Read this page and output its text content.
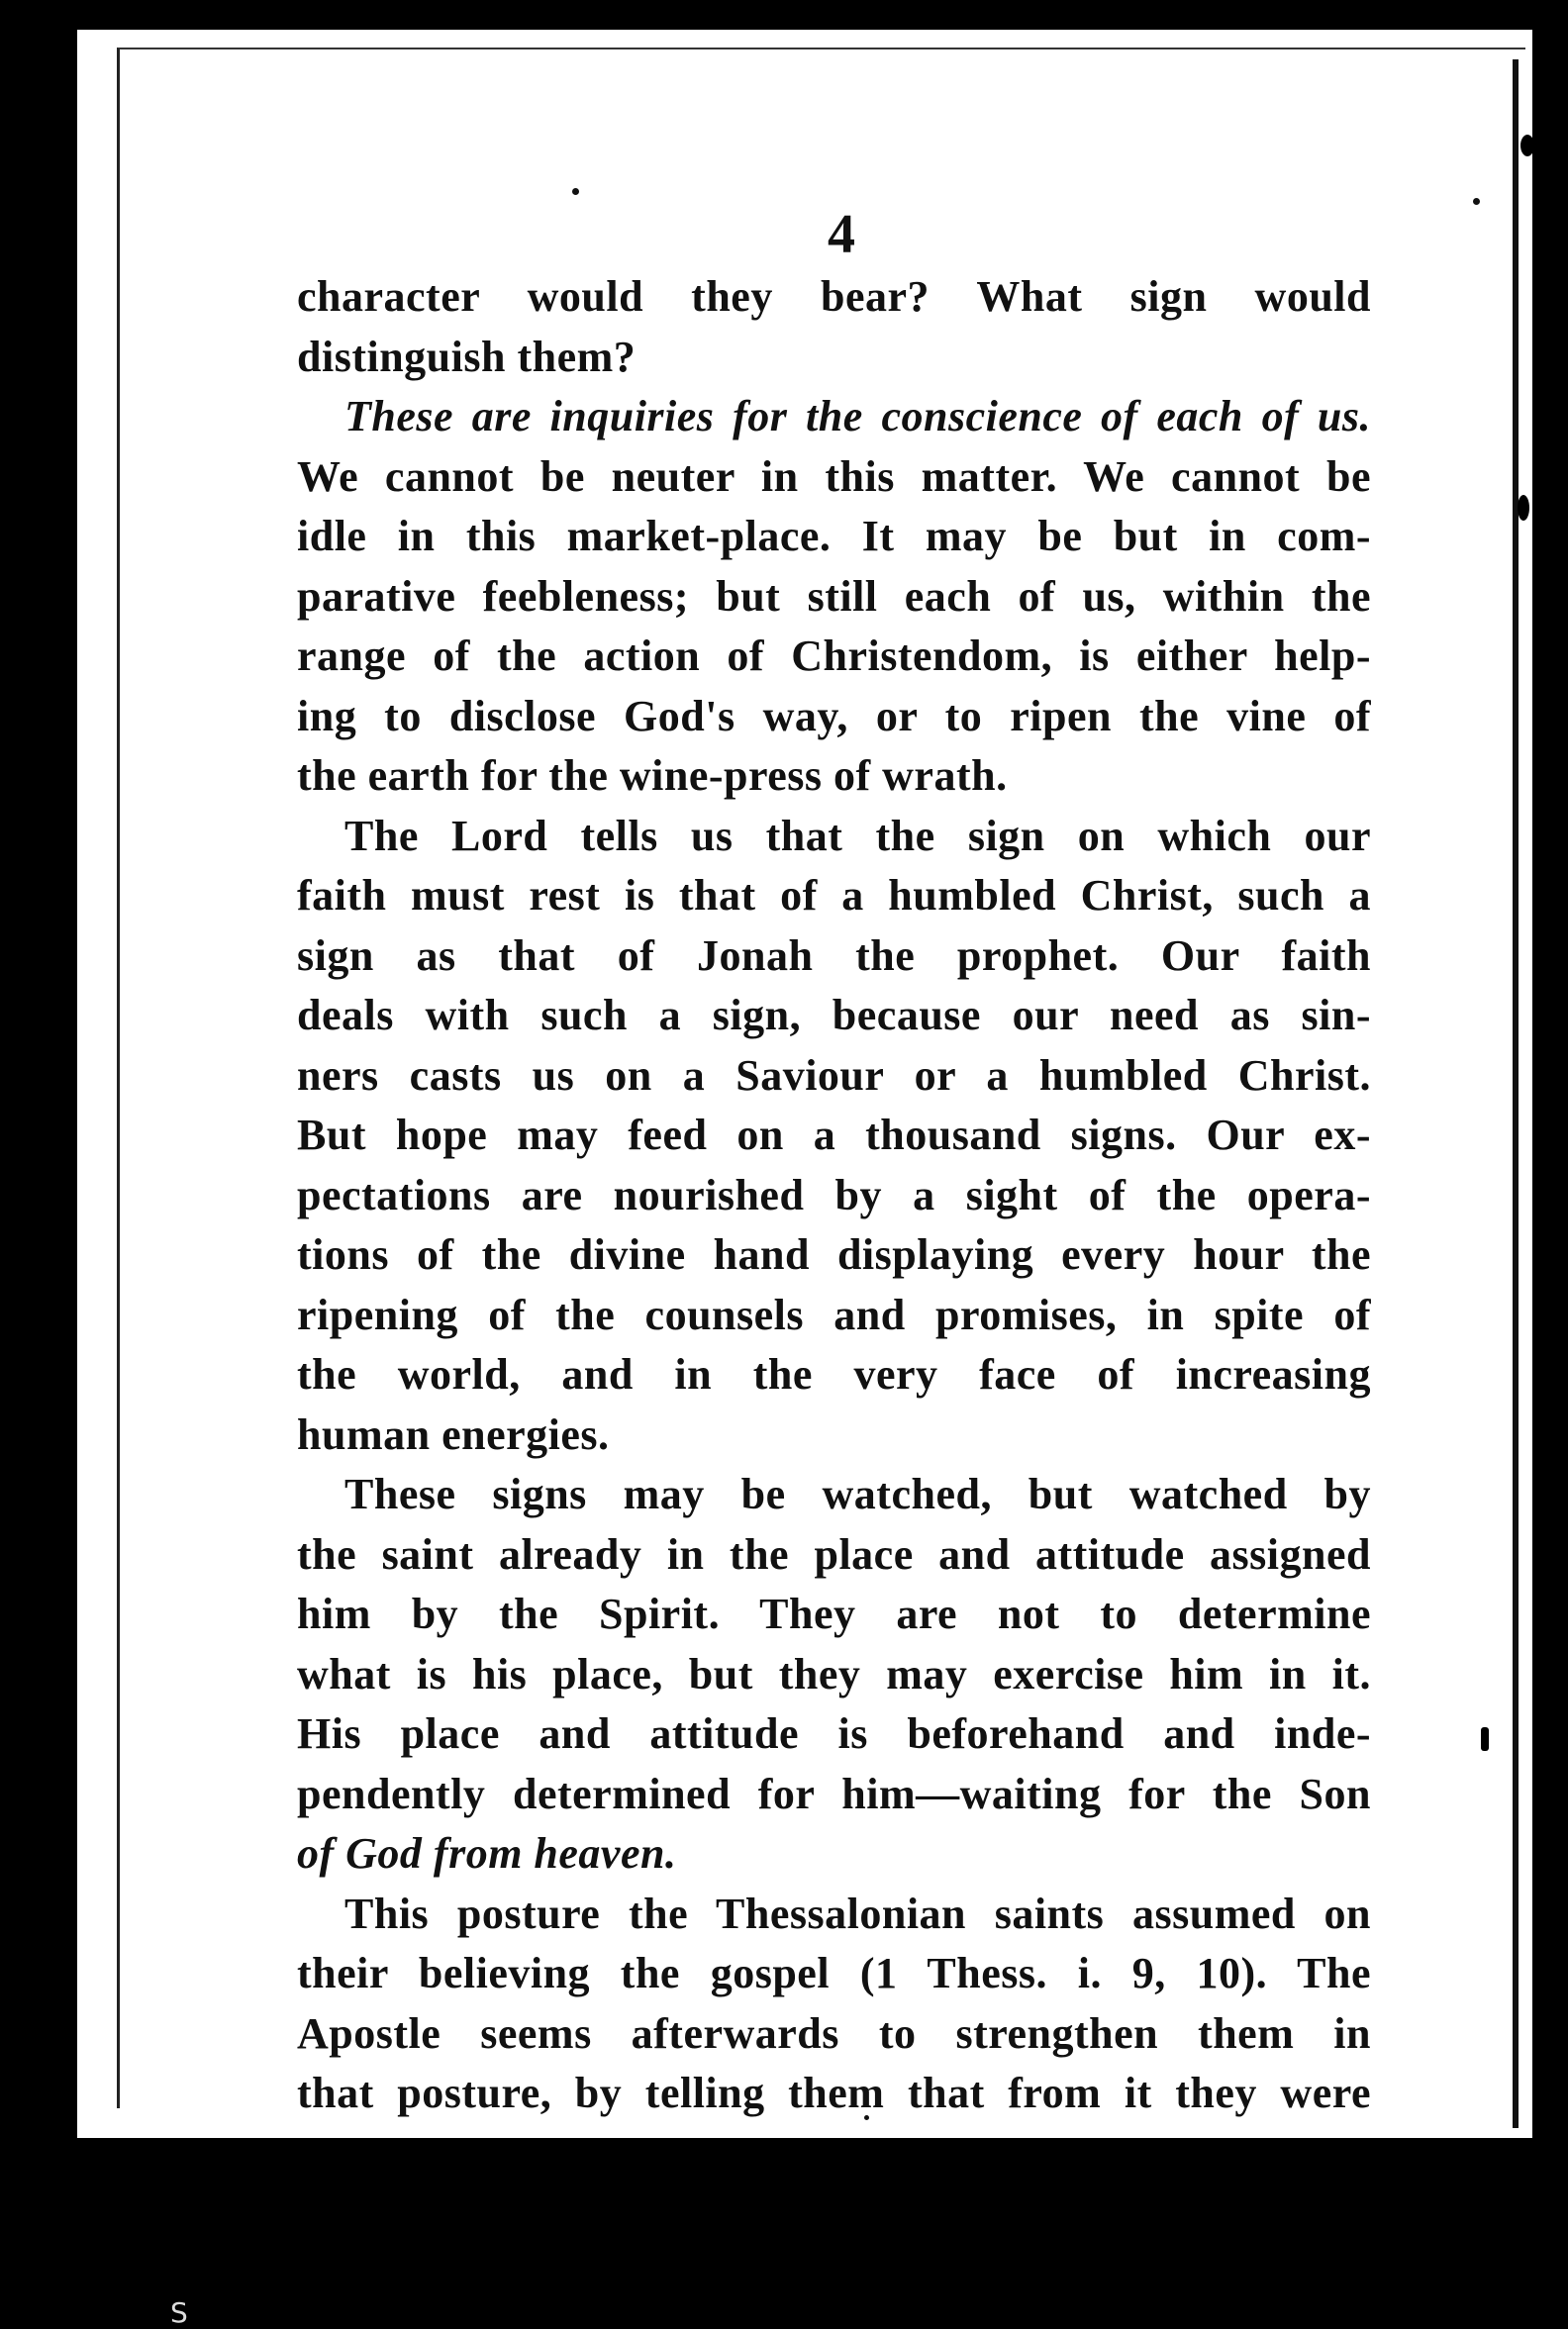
4
character would they bear? What sign would
distinguish them?
These are inquiries for the conscience of each of us.
We cannot be neuter in this matter. We cannot be
idle in this market-place. It may be but in com-
parative feebleness; but still each of us, within the
range of the action of Christendom, is either help-
ing to disclose God's way, or to ripen the vine of
the earth for the wine-press of wrath.
The Lord tells us that the sign on which our
faith must rest is that of a humbled Christ, such a
sign as that of Jonah the prophet. Our faith
deals with such a sign, because our need as sin-
ners casts us on a Saviour or a humbled Christ.
But hope may feed on a thousand signs. Our ex-
pectations are nourished by a sight of the opera-
tions of the divine hand displaying every hour the
ripening of the counsels and promises, in spite of
the world, and in the very face of increasing
human energies.
These signs may be watched, but watched by
the saint already in the place and attitude assigned
him by the Spirit. They are not to determine
what is his place, but they may exercise him in it.
His place and attitude is beforehand and inde-
pendently determined for him—waiting for the Son
of God from heaven.
This posture the Thessalonian saints assumed on
their believing the gospel (1 Thess. i. 9, 10). The
Apostle seems afterwards to strengthen them in
that posture, by telling them that from it they were
S
